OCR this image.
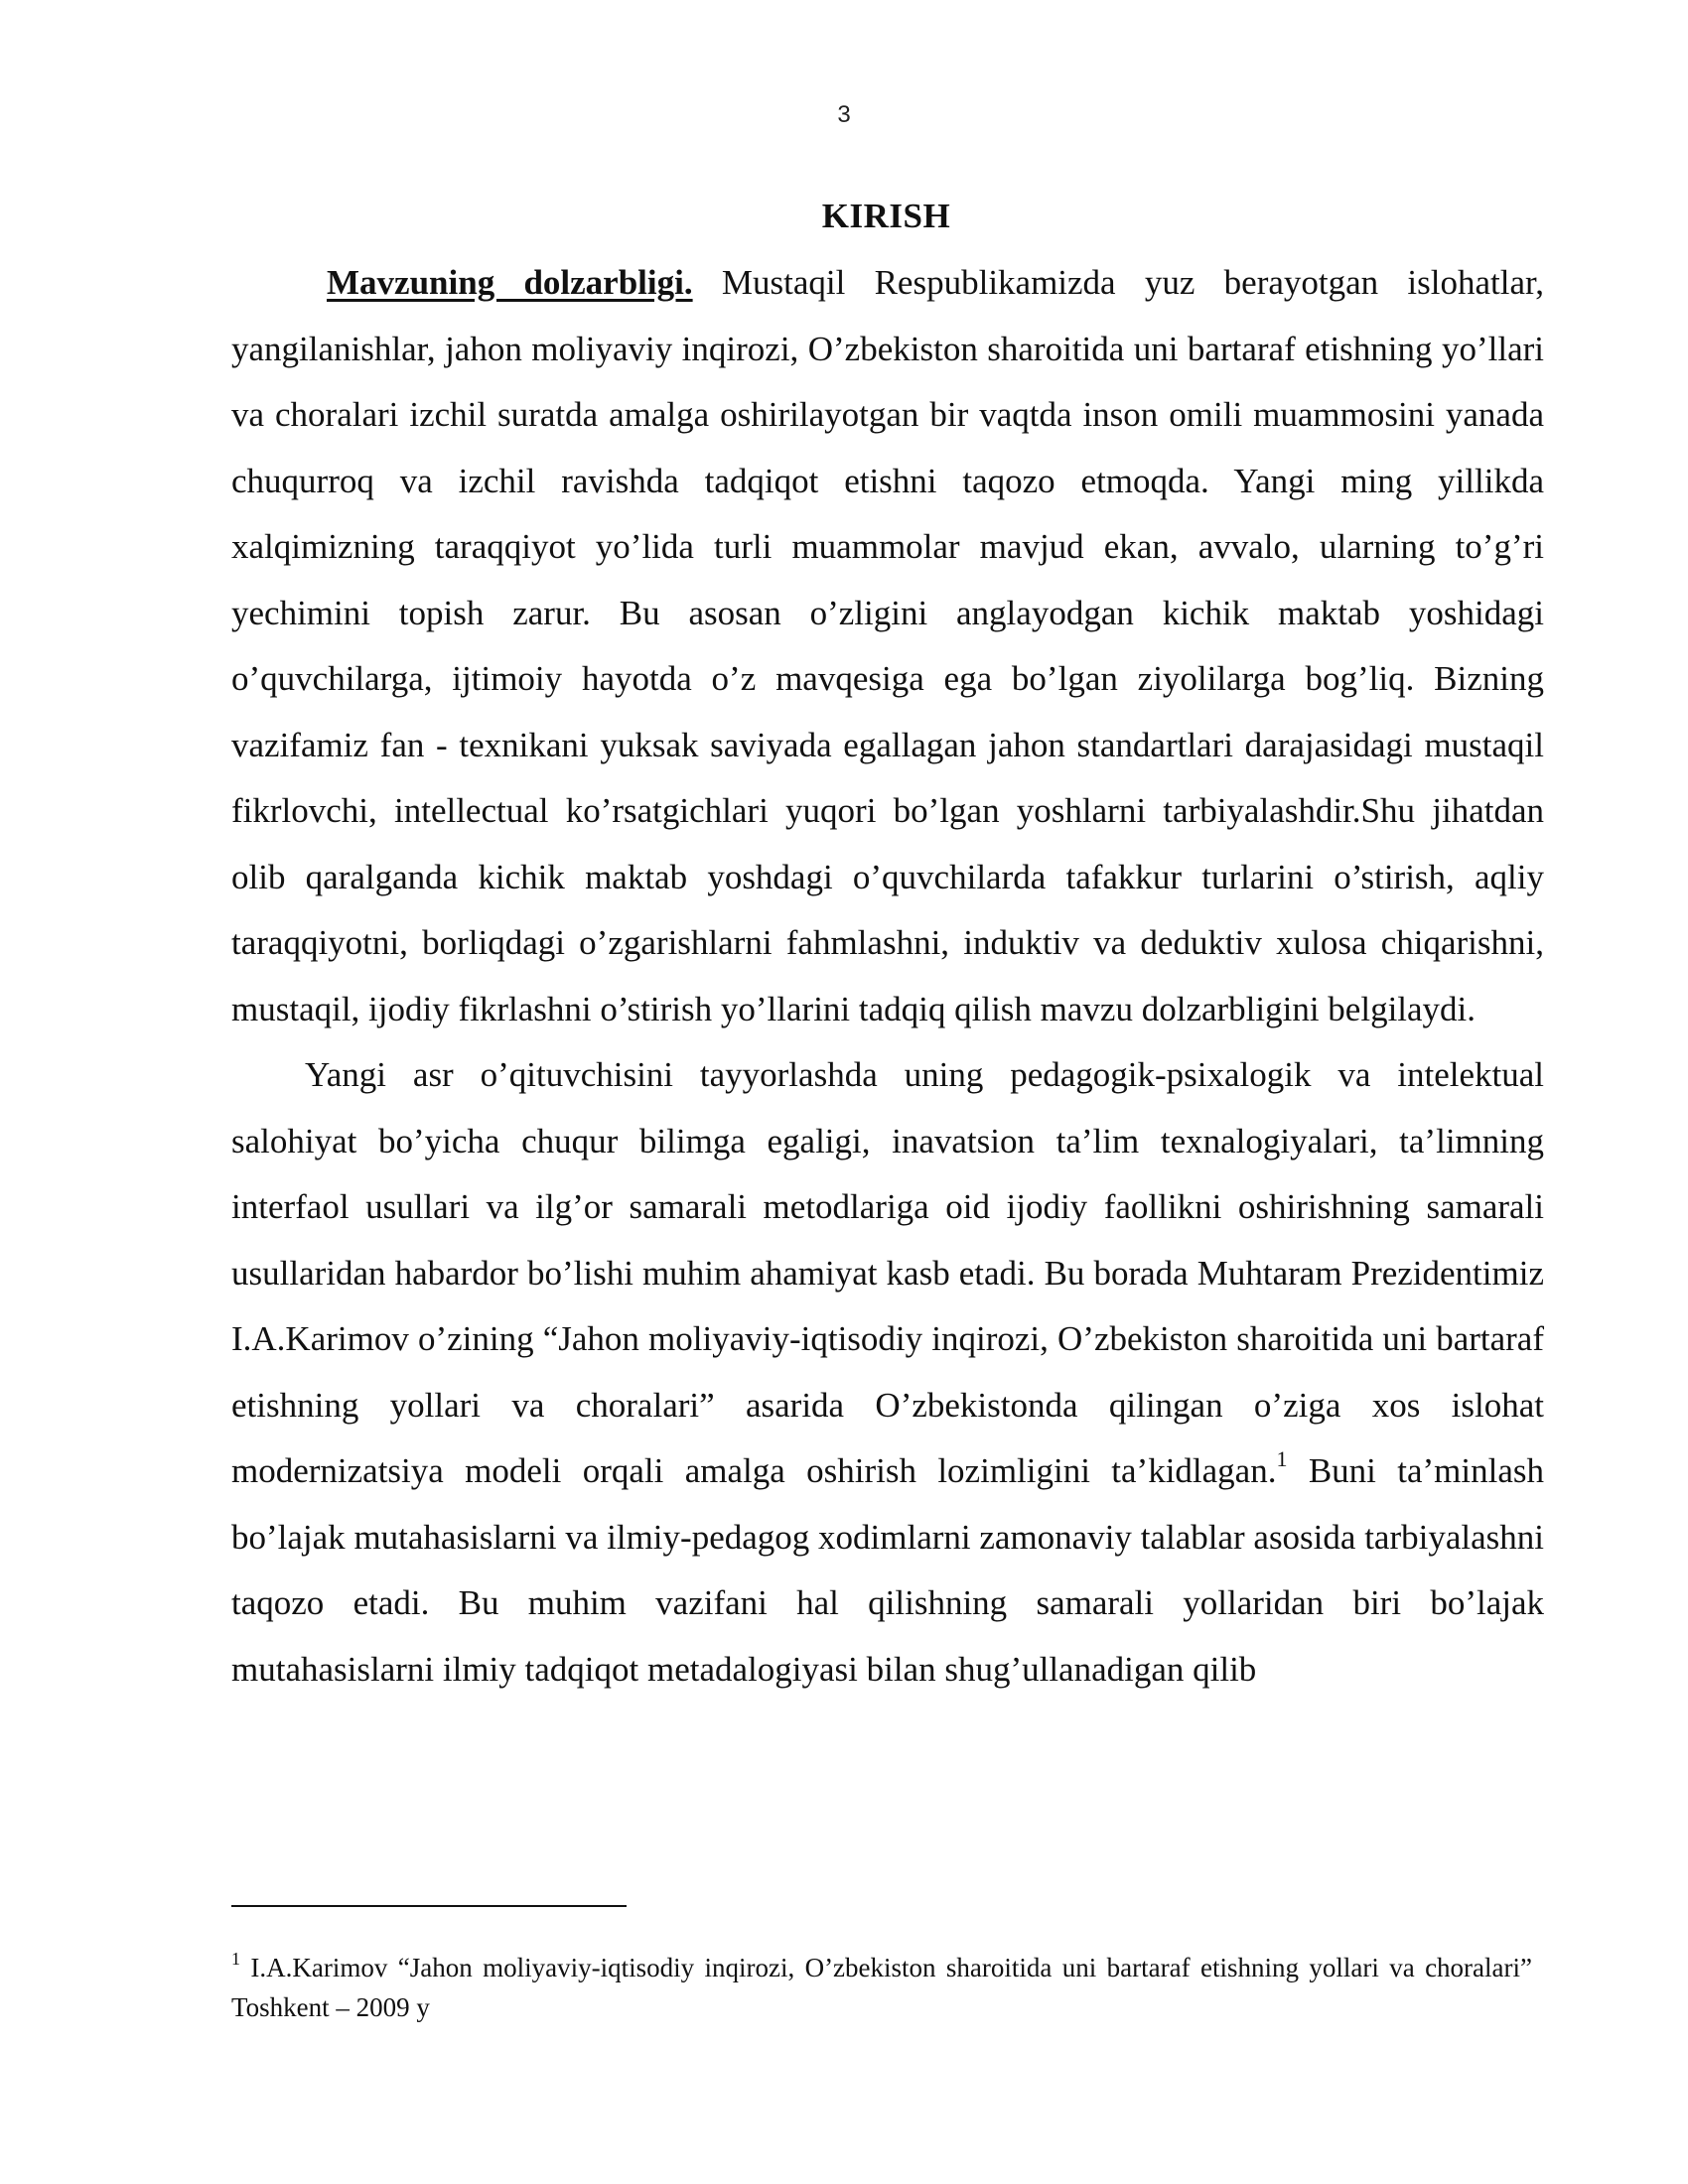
3
KIRISH

Mavzuning dolzarbligi. Mustaqil Respublikamizda yuz berayotgan islohatlar, yangilanishlar, jahon moliyaviy inqirozi, O’zbekiston sharoitida uni bartaraf etishning yo’llari va choralari izchil suratda amalga oshirilayotgan bir vaqtda inson omili muammosini yanada chuqurroq va izchil ravishda tadqiqot etishni taqozo etmoqda. Yangi ming yillikda xalqimizning taraqqiyot yo’lida turli muammolar mavjud ekan, avvalo, ularning to’g’ri yechimini topish zarur. Bu asosan o’zligini anglayodgan kichik maktab yoshidagi o’quvchilarga, ijtimoiy hayotda o’z mavqesiga ega bo’lgan ziyolilarga bog’liq. Bizning vazifamiz fan - texnikani yuksak saviyada egallagan jahon standartlari darajasidagi mustaqil fikrlovchi, intellectual ko’rsatgichlari yuqori bo’lgan yoshlarni tarbiyalashdir.Shu jihatdan olib qaralganda kichik maktab yoshdagi o’quvchilarda tafakkur turlarini o’stirish, aqliy taraqqiyotni, borliqdagi o’zgarishlarni fahmlashni, induktiv va deduktiv xulosa chiqarishni, mustaqil, ijodiy fikrlashni o’stirish yo’llarini tadqiq qilish mavzu dolzarbligini belgilaydi.

Yangi asr o’qituvchisini tayyorlashda uning pedagogik-psixalogik va intelektual salohiyat bo’yicha chuqur bilimga egaligi, inavatsion ta’lim texnalogiyalari, ta’limning interfaol usullari va ilg’or samarali metodlariga oid ijodiy faollikni oshirishning samarali usullaridan habardor bo’lishi muhim ahamiyat kasb etadi. Bu borada Muhtaram Prezidentimiz I.A.Karimov o’zining “Jahon moliyaviy-iqtisodiy inqirozi, O’zbekiston sharoitida uni bartaraf etishning yollari va choralari” asarida O’zbekistonda qilingan o’ziga xos islohat modernizatsiya modeli orqali amalga oshirish lozimligini ta’kidlagan.$^1$ Buni ta’minlash bo’lajak mutahasislarni va ilmiy-pedagog xodimlarni zamonaviy talablar asosida tarbiyalashni taqozo etadi. Bu muhim vazifani hal qilishning samarali yollaridan biri bo’lajak mutahasislarni ilmiy tadqiqot metadalogiyasi bilan shug’ullanadigan qilib

$^1$ I.A.Karimov “Jahon moliyaviy-iqtisodiy inqirozi, O’zbekiston sharoitida uni bartaraf etishning yollari va choralari” Toshkent – 2009 y
